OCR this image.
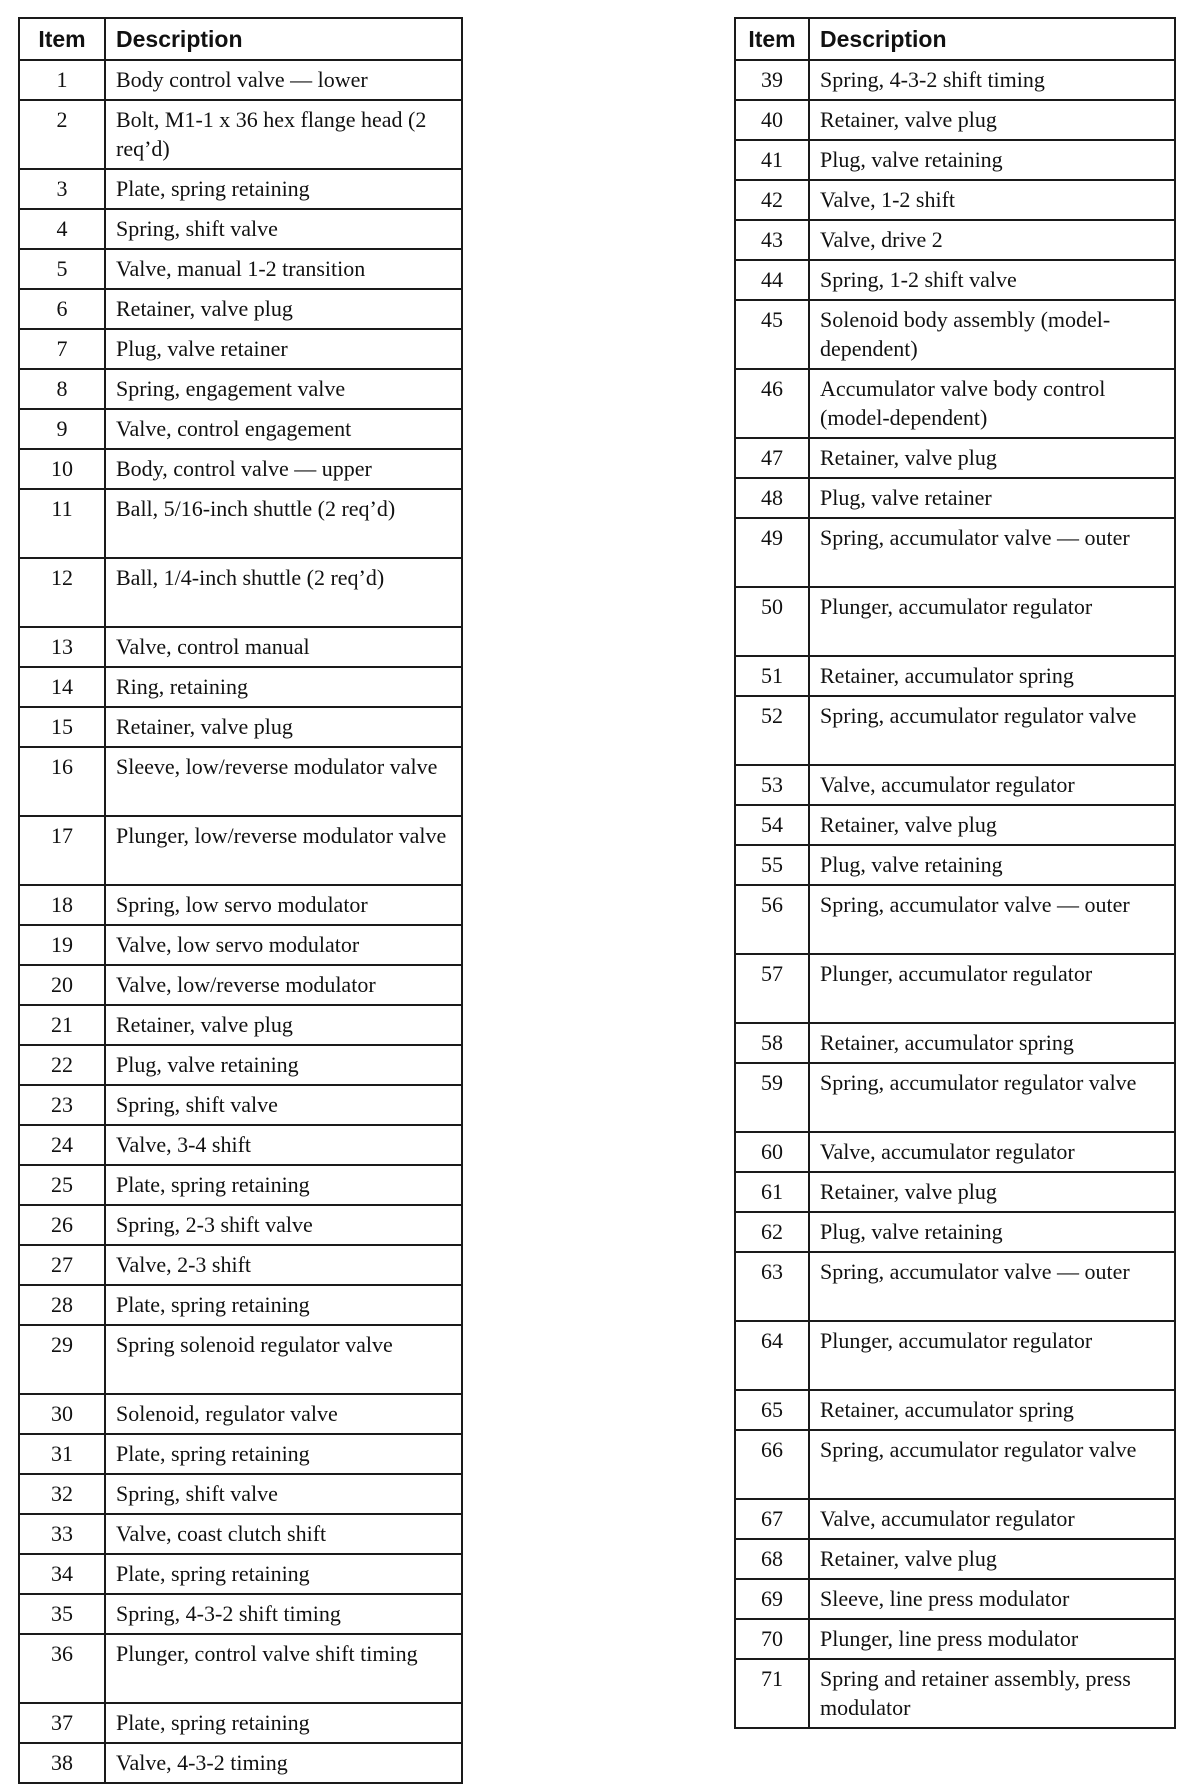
Item	Description
1	Body control valve — lower
2	Bolt, M1-1 x 36 hex flange head (2 req’d)
3	Plate, spring retaining
4	Spring, shift valve
5	Valve, manual 1-2 transition
6	Retainer, valve plug
7	Plug, valve retainer
8	Spring, engagement valve
9	Valve, control engagement
10	Body, control valve — upper
11	Ball, 5/16-inch shuttle (2 req’d)
12	Ball, 1/4-inch shuttle (2 req’d)
13	Valve, control manual
14	Ring, retaining
15	Retainer, valve plug
16	Sleeve, low/reverse modulator valve
17	Plunger, low/reverse modulator valve
18	Spring, low servo modulator
19	Valve, low servo modulator
20	Valve, low/reverse modulator
21	Retainer, valve plug
22	Plug, valve retaining
23	Spring, shift valve
24	Valve, 3-4 shift
25	Plate, spring retaining
26	Spring, 2-3 shift valve
27	Valve, 2-3 shift
28	Plate, spring retaining
29	Spring solenoid regulator valve
30	Solenoid, regulator valve
31	Plate, spring retaining
32	Spring, shift valve
33	Valve, coast clutch shift
34	Plate, spring retaining
35	Spring, 4-3-2 shift timing
36	Plunger, control valve shift timing
37	Plate, spring retaining
38	Valve, 4-3-2 timing
Item	Description
39	Spring, 4-3-2 shift timing
40	Retainer, valve plug
41	Plug, valve retaining
42	Valve, 1-2 shift
43	Valve, drive 2
44	Spring, 1-2 shift valve
45	Solenoid body assembly (model-dependent)
46	Accumulator valve body control (model-dependent)
47	Retainer, valve plug
48	Plug, valve retainer
49	Spring, accumulator valve — outer
50	Plunger, accumulator regulator
51	Retainer, accumulator spring
52	Spring, accumulator regulator valve
53	Valve, accumulator regulator
54	Retainer, valve plug
55	Plug, valve retaining
56	Spring, accumulator valve — outer
57	Plunger, accumulator regulator
58	Retainer, accumulator spring
59	Spring, accumulator regulator valve
60	Valve, accumulator regulator
61	Retainer, valve plug
62	Plug, valve retaining
63	Spring, accumulator valve — outer
64	Plunger, accumulator regulator
65	Retainer, accumulator spring
66	Spring, accumulator regulator valve
67	Valve, accumulator regulator
68	Retainer, valve plug
69	Sleeve, line press modulator
70	Plunger, line press modulator
71	Spring and retainer assembly, press modulator
